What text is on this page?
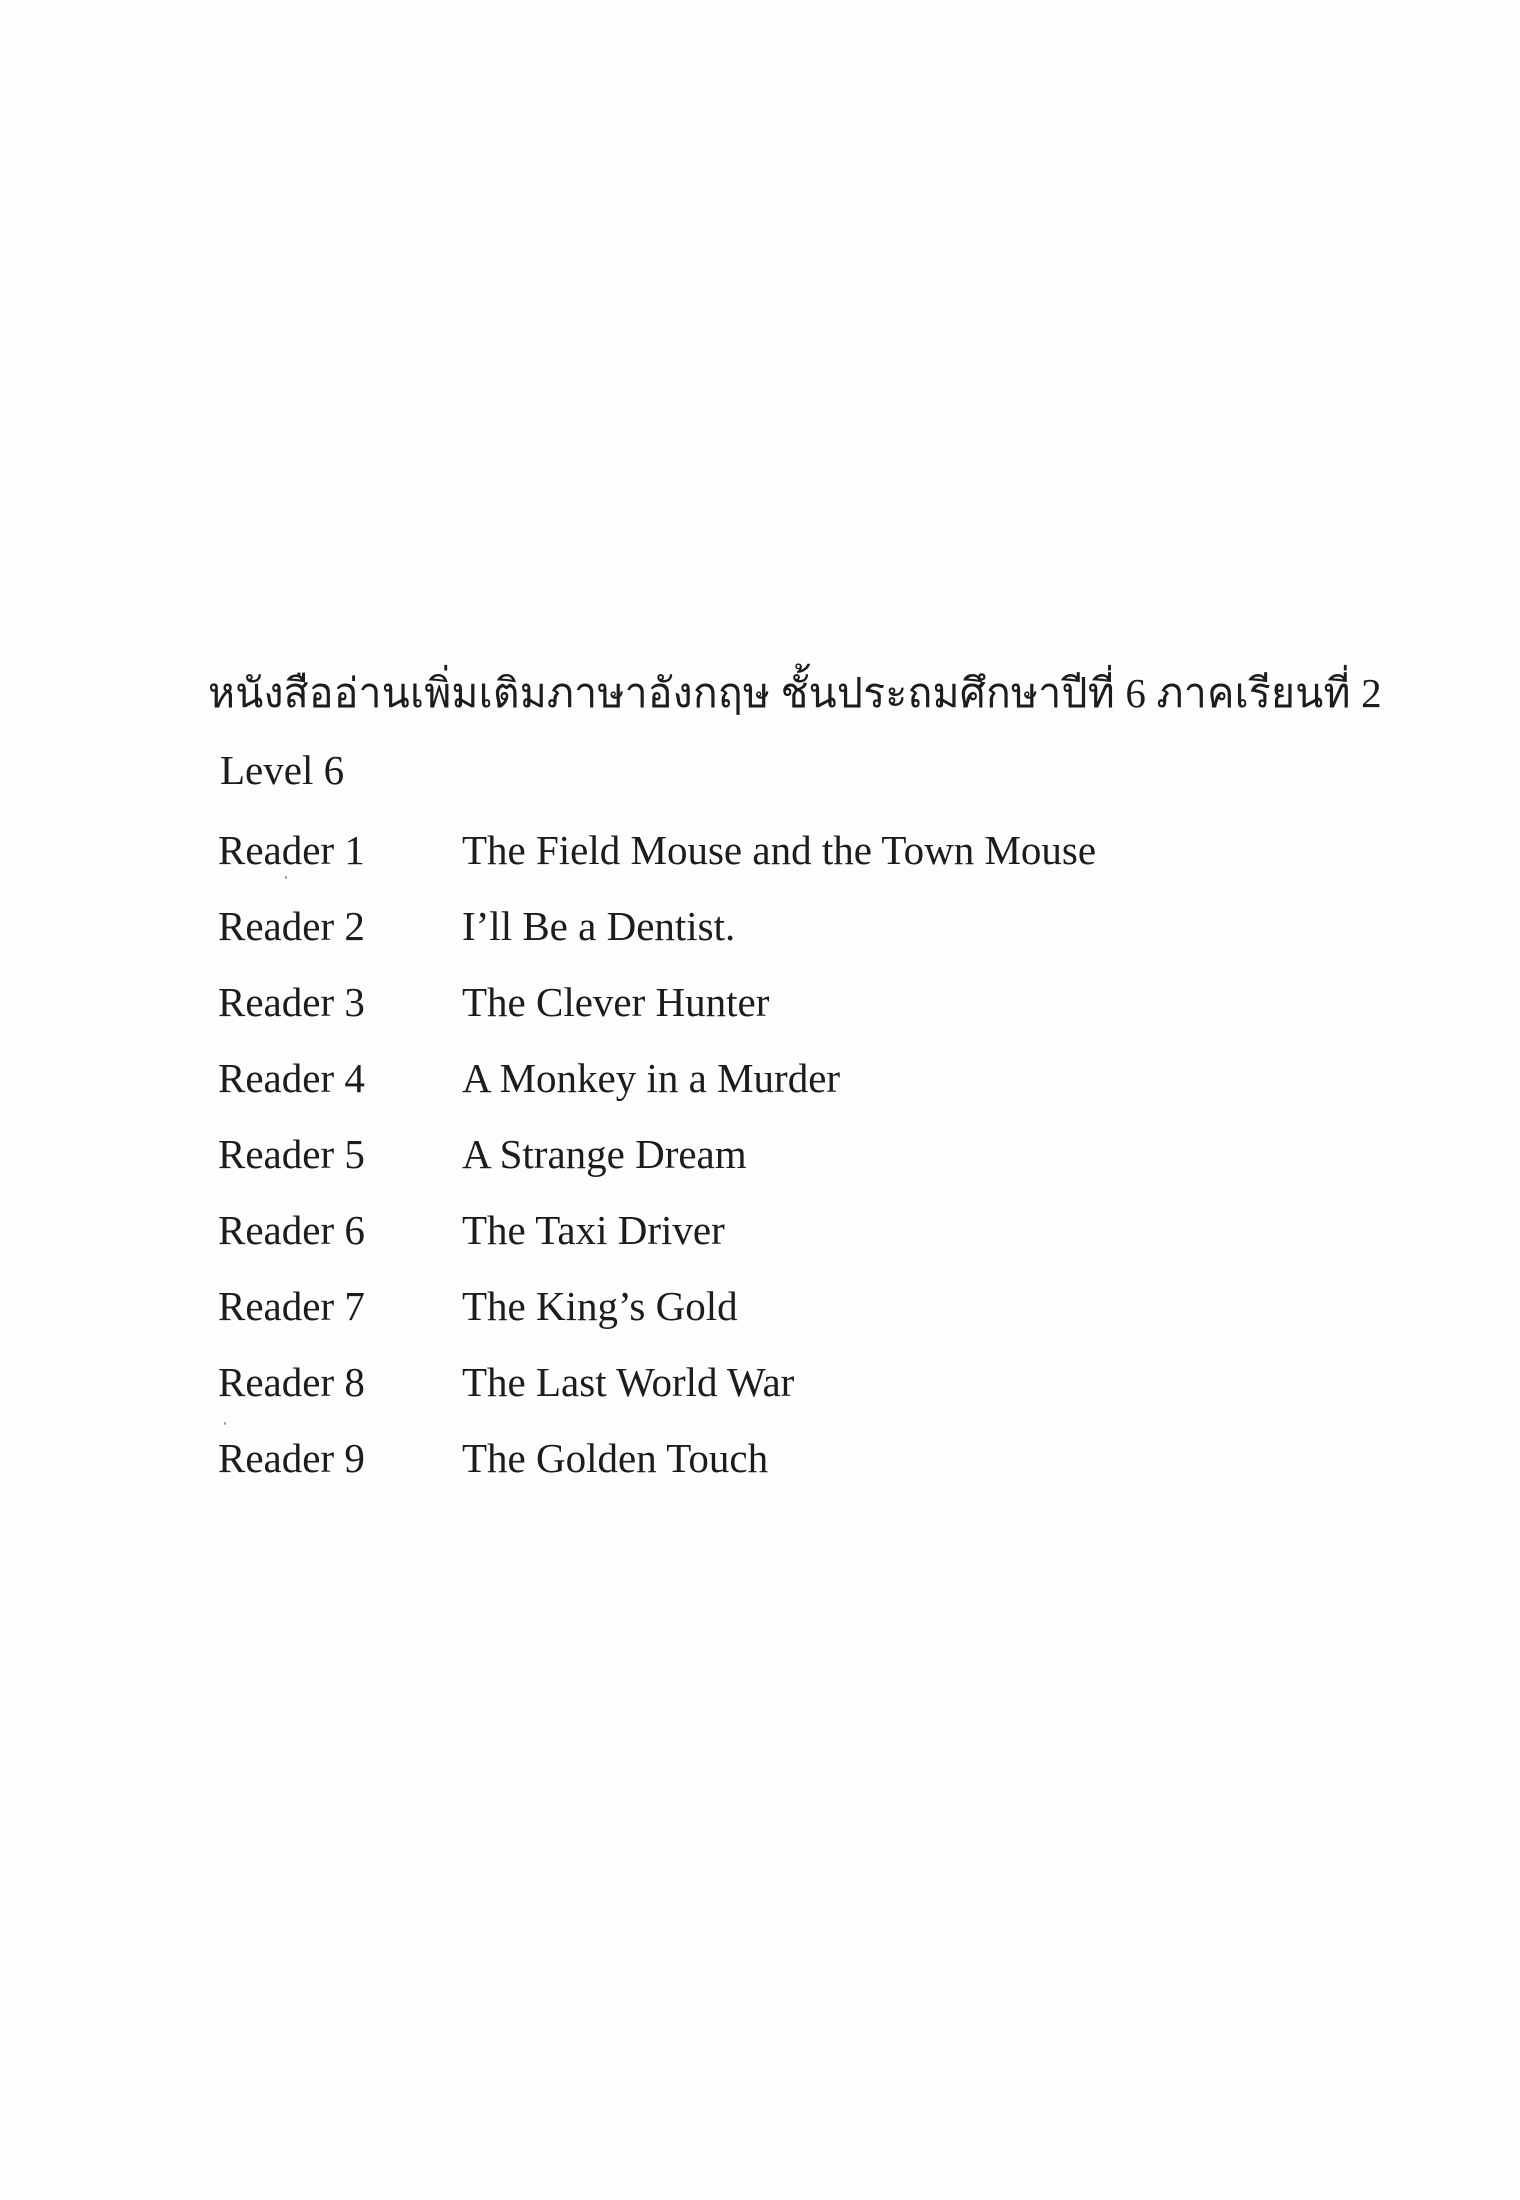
หนังสืออ่านเพิ่มเติมภาษาอังกฤษ ชั้นประถมศึกษาปีที่ 6 ภาคเรียนที่ 2
Level 6
Reader 1 The Field Mouse and the Town Mouse
Reader 2 I’ll Be a Dentist.
Reader 3 The Clever Hunter
Reader 4 A Monkey in a Murder
Reader 5 A Strange Dream
Reader 6 The Taxi Driver
Reader 7 The King’s Gold
Reader 8 The Last World War
Reader 9 The Golden Touch
